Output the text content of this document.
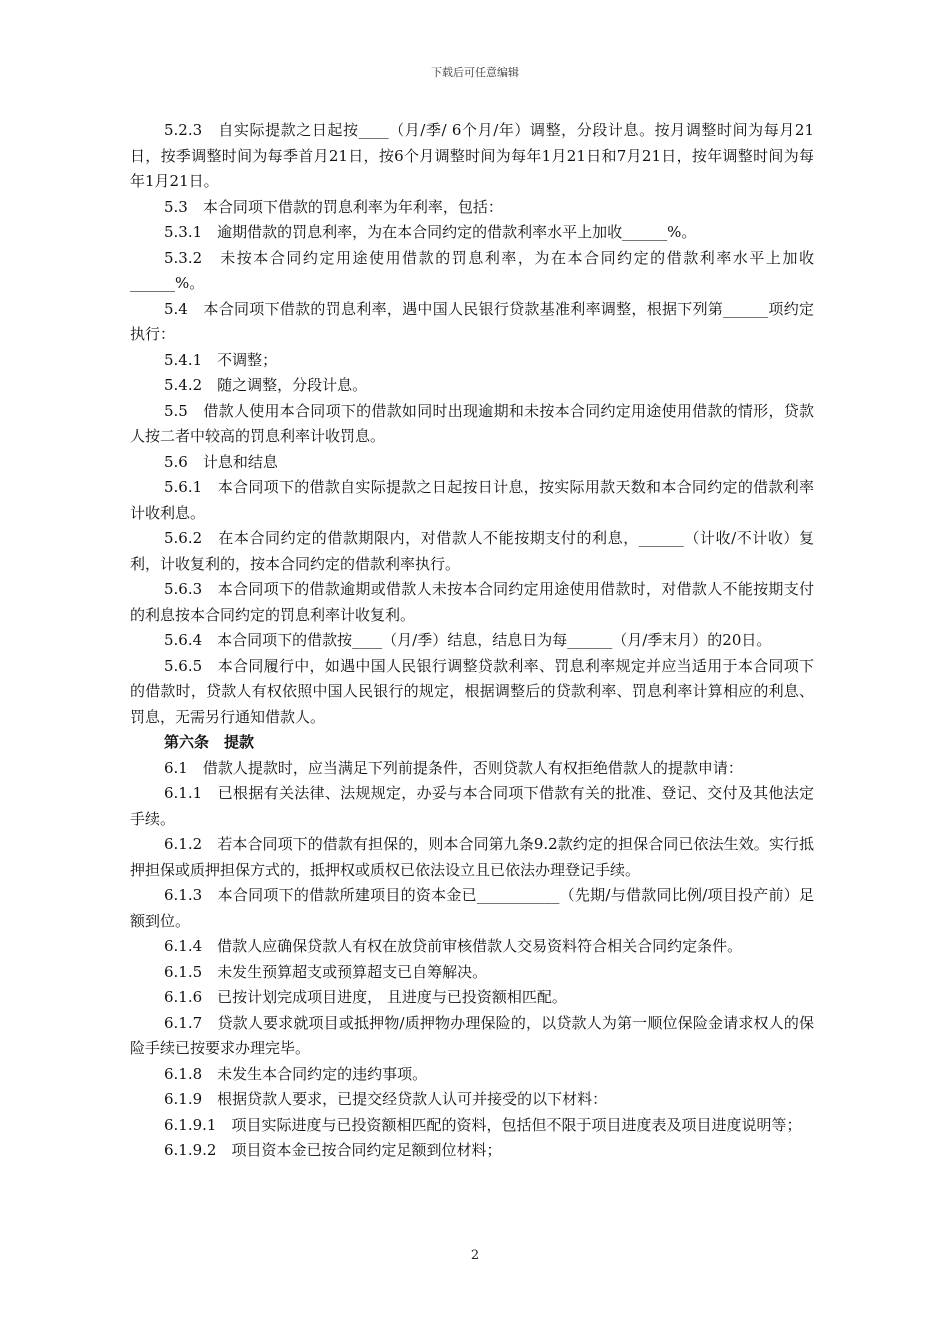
下载后可任意编辑

5.2.3　自实际提款之日起按____（月/季/ 6个月/年）调整，分段计息。按月调整时间为每月21日，按季调整时间为每季首月21日，按6个月调整时间为每年1月21日和7月21日，按年调整时间为每年1月21日。

5.3　本合同项下借款的罚息利率为年利率，包括：

5.3.1　逾期借款的罚息利率，为在本合同约定的借款利率水平上加收______%。

5.3.2　未按本合同约定用途使用借款的罚息利率，为在本合同约定的借款利率水平上加收______%。

5.4　本合同项下借款的罚息利率，遇中国人民银行贷款基准利率调整，根据下列第______项约定执行：

5.4.1　不调整；

5.4.2　随之调整，分段计息。

5.5　借款人使用本合同项下的借款如同时出现逾期和未按本合同约定用途使用借款的情形，贷款人按二者中较高的罚息利率计收罚息。

5.6　计息和结息

5.6.1　本合同项下的借款自实际提款之日起按日计息，按实际用款天数和本合同约定的借款利率计收利息。

5.6.2　在本合同约定的借款期限内，对借款人不能按期支付的利息，______（计收/不计收）复利，计收复利的，按本合同约定的借款利率执行。

5.6.3　本合同项下的借款逾期或借款人未按本合同约定用途使用借款时，对借款人不能按期支付的利息按本合同约定的罚息利率计收复利。

5.6.4　本合同项下的借款按____（月/季）结息，结息日为每______（月/季末月）的20日。

5.6.5　本合同履行中，如遇中国人民银行调整贷款利率、罚息利率规定并应当适用于本合同项下的借款时，贷款人有权依照中国人民银行的规定，根据调整后的贷款利率、罚息利率计算相应的利息、罚息，无需另行通知借款人。

第六条　提款

6.1　借款人提款时，应当满足下列前提条件，否则贷款人有权拒绝借款人的提款申请：

6.1.1　已根据有关法律、法规规定，办妥与本合同项下借款有关的批准、登记、交付及其他法定手续。

6.1.2　若本合同项下的借款有担保的，则本合同第九条9.2款约定的担保合同已依法生效。实行抵押担保或质押担保方式的，抵押权或质权已依法设立且已依法办理登记手续。

6.1.3　本合同项下的借款所建项目的资本金已___________（先期/与借款同比例/项目投产前）足额到位。

6.1.4　借款人应确保贷款人有权在放贷前审核借款人交易资料符合相关合同约定条件。

6.1.5　未发生预算超支或预算超支已自筹解决。

6.1.6　已按计划完成项目进度， 且进度与已投资额相匹配。

6.1.7　贷款人要求就项目或抵押物/质押物办理保险的，以贷款人为第一顺位保险金请求权人的保险手续已按要求办理完毕。

6.1.8　未发生本合同约定的违约事项。

6.1.9　根据贷款人要求，已提交经贷款人认可并接受的以下材料：

6.1.9.1　项目实际进度与已投资额相匹配的资料，包括但不限于项目进度表及项目进度说明等；

6.1.9.2　项目资本金已按合同约定足额到位材料；

2
